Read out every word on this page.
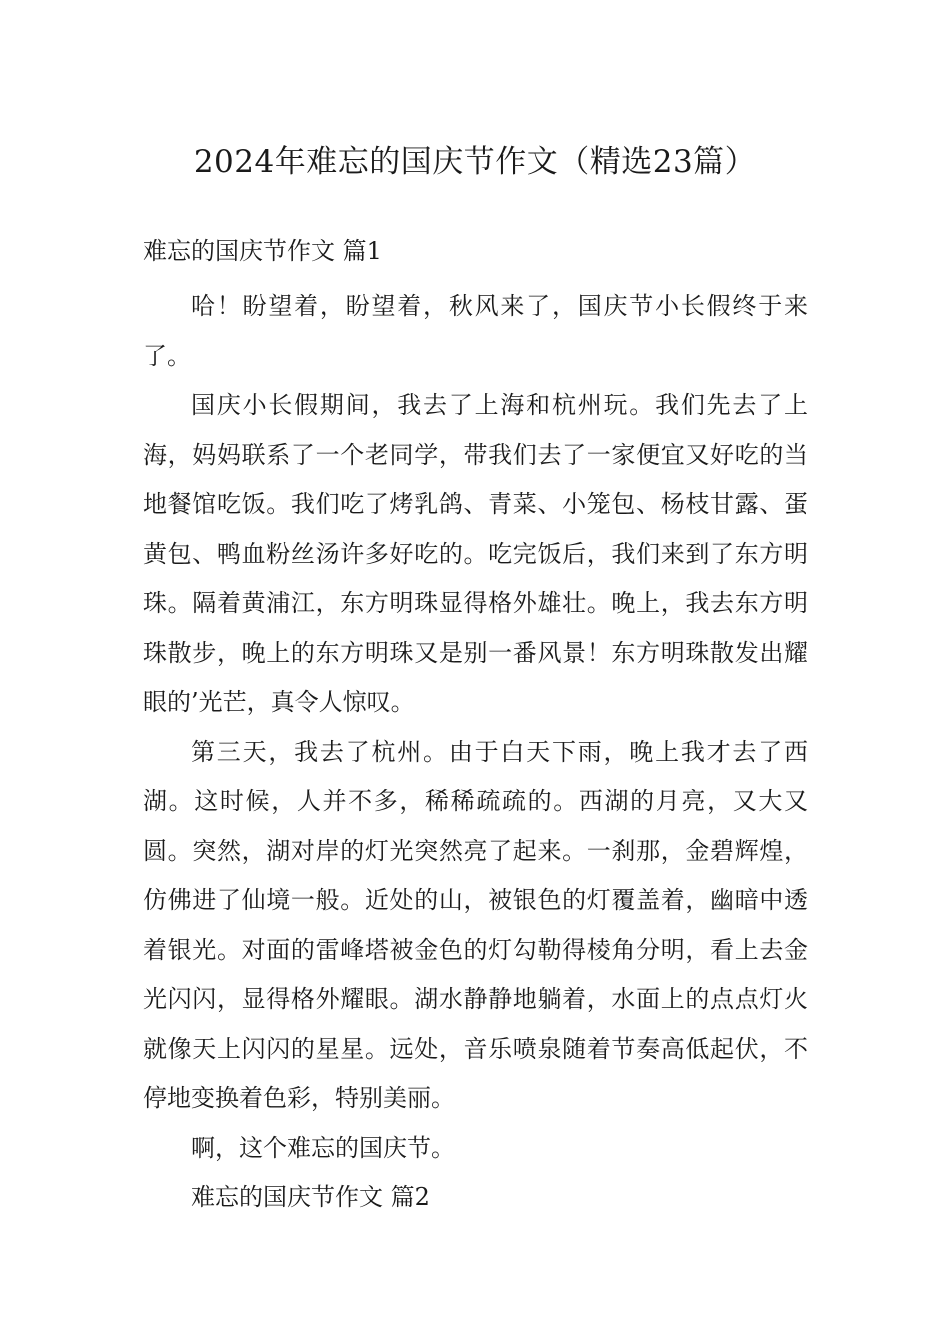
2024年难忘的国庆节作文（精选23篇）
难忘的国庆节作文 篇1

哈！盼望着，盼望着，秋风来了，国庆节小长假终于来了。

国庆小长假期间，我去了上海和杭州玩。我们先去了上海，妈妈联系了一个老同学，带我们去了一家便宜又好吃的当地餐馆吃饭。我们吃了烤乳鸽、青菜、小笼包、杨枝甘露、蛋黄包、鸭血粉丝汤许多好吃的。吃完饭后，我们来到了东方明珠。隔着黄浦江，东方明珠显得格外雄壮。晚上，我去东方明珠散步，晚上的东方明珠又是别一番风景！东方明珠散发出耀眼的’光芒，真令人惊叹。

第三天，我去了杭州。由于白天下雨，晚上我才去了西湖。这时候，人并不多，稀稀疏疏的。西湖的月亮，又大又圆。突然，湖对岸的灯光突然亮了起来。一刹那，金碧辉煌，仿佛进了仙境一般。近处的山，被银色的灯覆盖着，幽暗中透着银光。对面的雷峰塔被金色的灯勾勒得棱角分明，看上去金光闪闪，显得格外耀眼。湖水静静地躺着，水面上的点点灯火就像天上闪闪的星星。远处，音乐喷泉随着节奏高低起伏，不停地变换着色彩，特别美丽。

啊，这个难忘的国庆节。

难忘的国庆节作文 篇2
